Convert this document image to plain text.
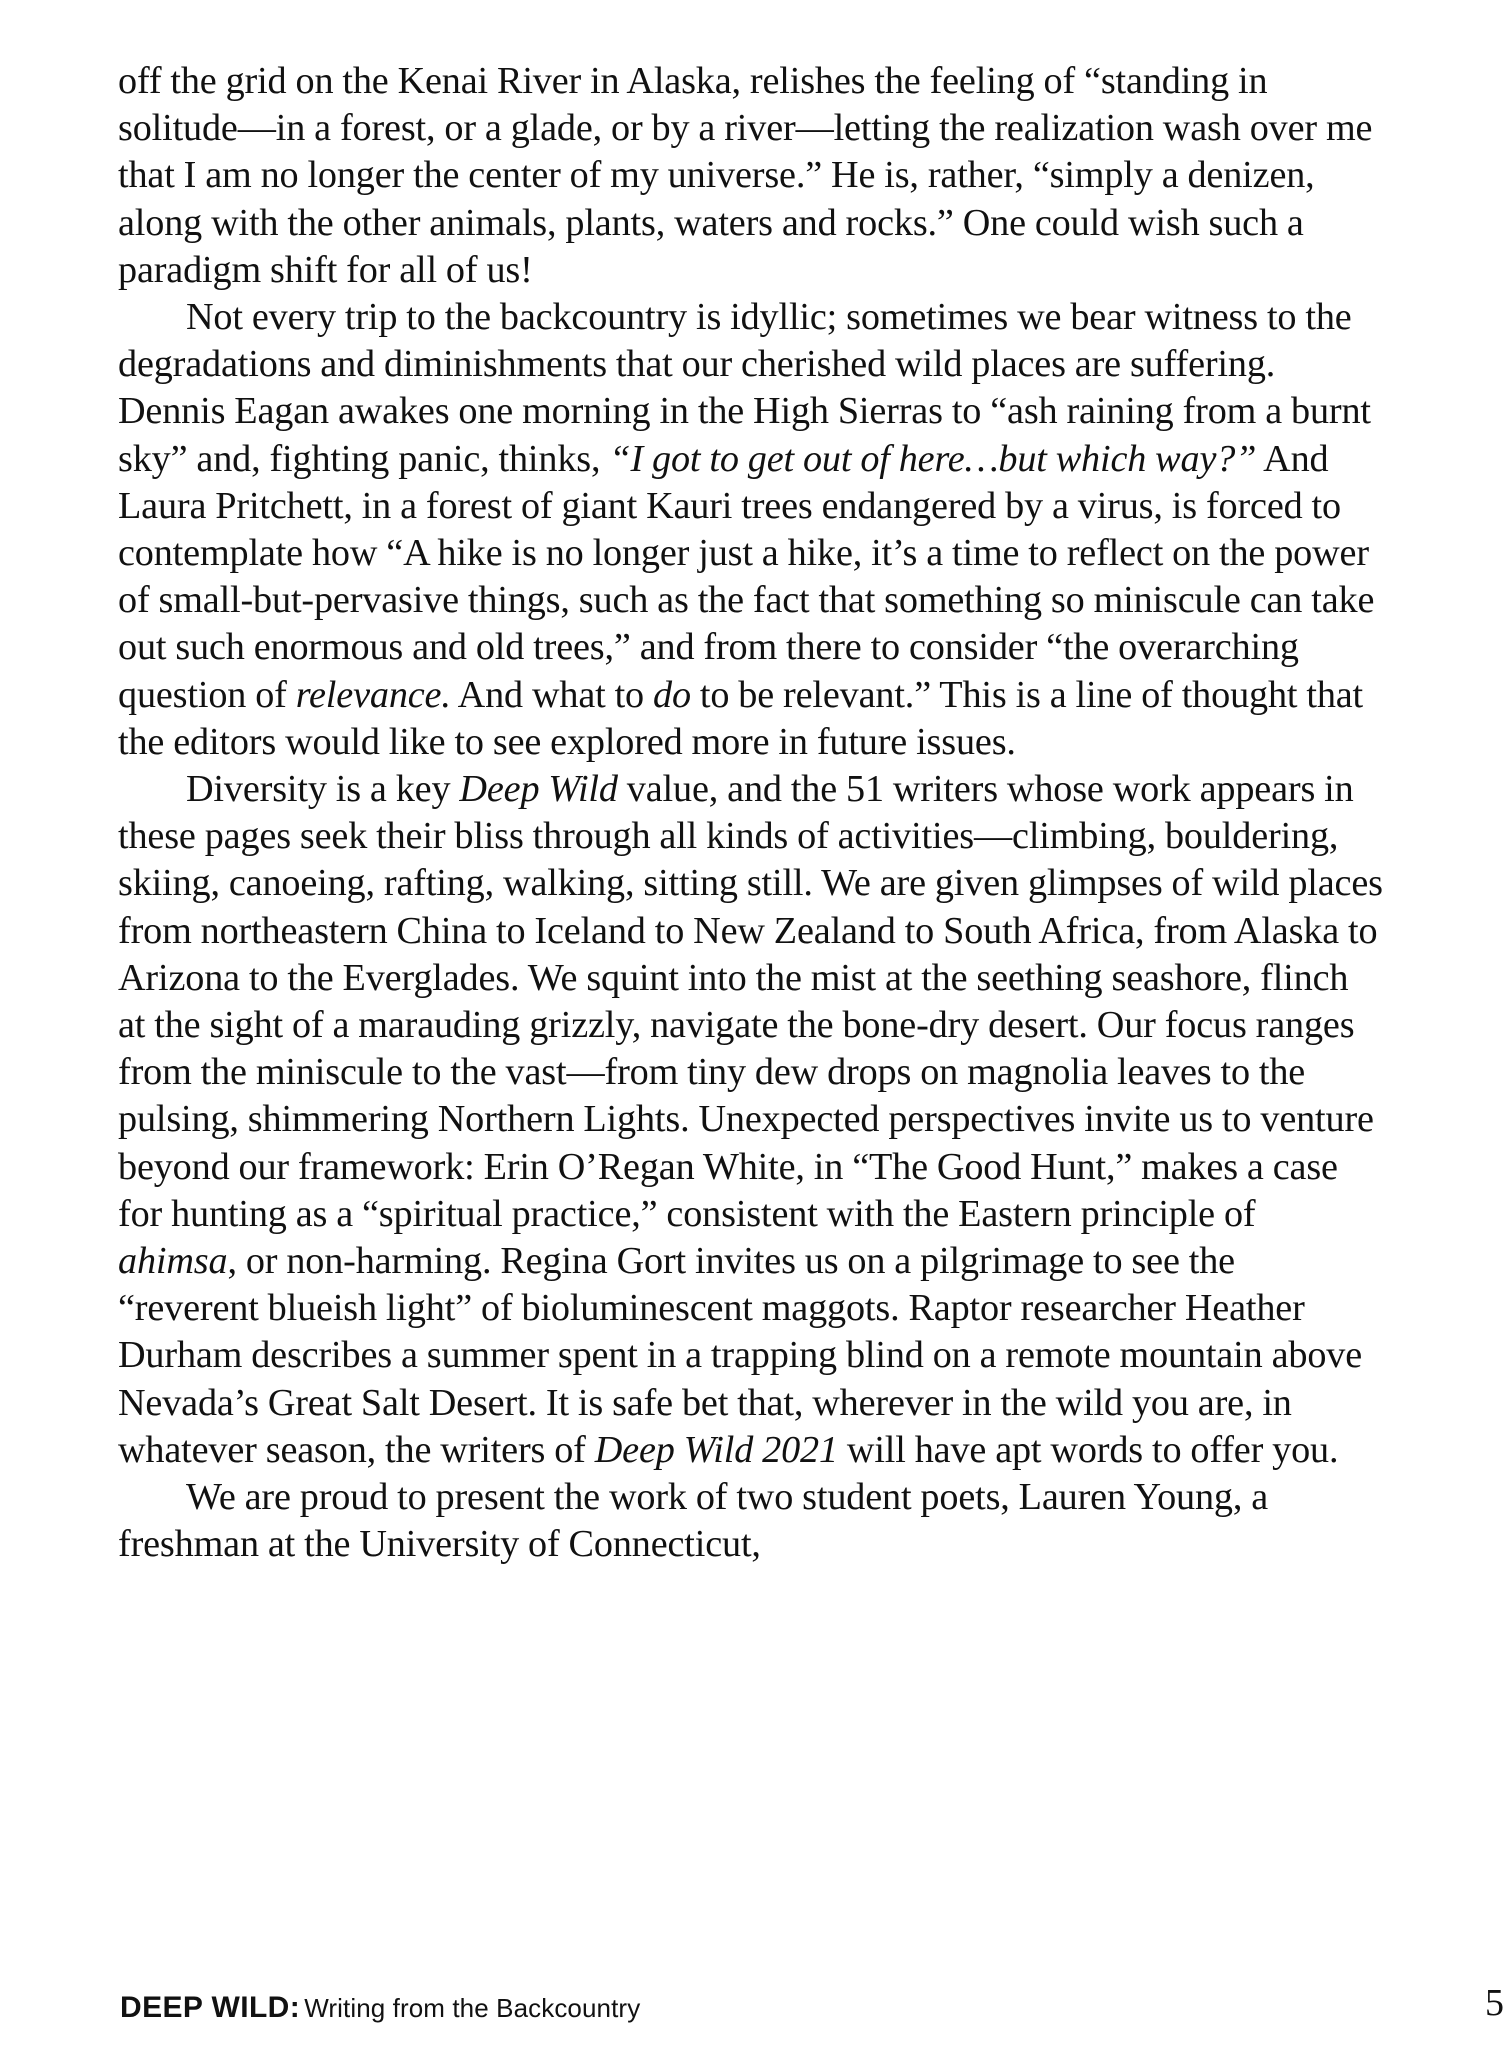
off the grid on the Kenai River in Alaska, relishes the feeling of “standing in solitude—in a forest, or a glade, or by a river—letting the realization wash over me that I am no longer the center of my universe.” He is, rather, “simply a denizen, along with the other animals, plants, waters and rocks.” One could wish such a paradigm shift for all of us!

Not every trip to the backcountry is idyllic; sometimes we bear witness to the degradations and diminishments that our cherished wild places are suffering. Dennis Eagan awakes one morning in the High Sierras to “ash raining from a burnt sky” and, fighting panic, thinks, “I got to get out of here…but which way?” And Laura Pritchett, in a forest of giant Kauri trees endangered by a virus, is forced to contemplate how “A hike is no longer just a hike, it’s a time to reflect on the power of small-but-pervasive things, such as the fact that something so miniscule can take out such enormous and old trees,” and from there to consider “the overarching question of relevance. And what to do to be relevant.” This is a line of thought that the editors would like to see explored more in future issues.

Diversity is a key Deep Wild value, and the 51 writers whose work appears in these pages seek their bliss through all kinds of activities—climbing, bouldering, skiing, canoeing, rafting, walking, sitting still. We are given glimpses of wild places from northeastern China to Iceland to New Zealand to South Africa, from Alaska to Arizona to the Everglades. We squint into the mist at the seething seashore, flinch at the sight of a marauding grizzly, navigate the bone-dry desert. Our focus ranges from the miniscule to the vast—from tiny dew drops on magnolia leaves to the pulsing, shimmering Northern Lights. Unexpected perspectives invite us to venture beyond our framework: Erin O’Regan White, in “The Good Hunt,” makes a case for hunting as a “spiritual practice,” consistent with the Eastern principle of ahimsa, or non-harming. Regina Gort invites us on a pilgrimage to see the “reverent blueish light” of bioluminescent maggots. Raptor researcher Heather Durham describes a summer spent in a trapping blind on a remote mountain above Nevada’s Great Salt Desert. It is safe bet that, wherever in the wild you are, in whatever season, the writers of Deep Wild 2021 will have apt words to offer you.

We are proud to present the work of two student poets, Lauren Young, a freshman at the University of Connecticut,

DEEP WILD: Writing from the Backcountry	5
